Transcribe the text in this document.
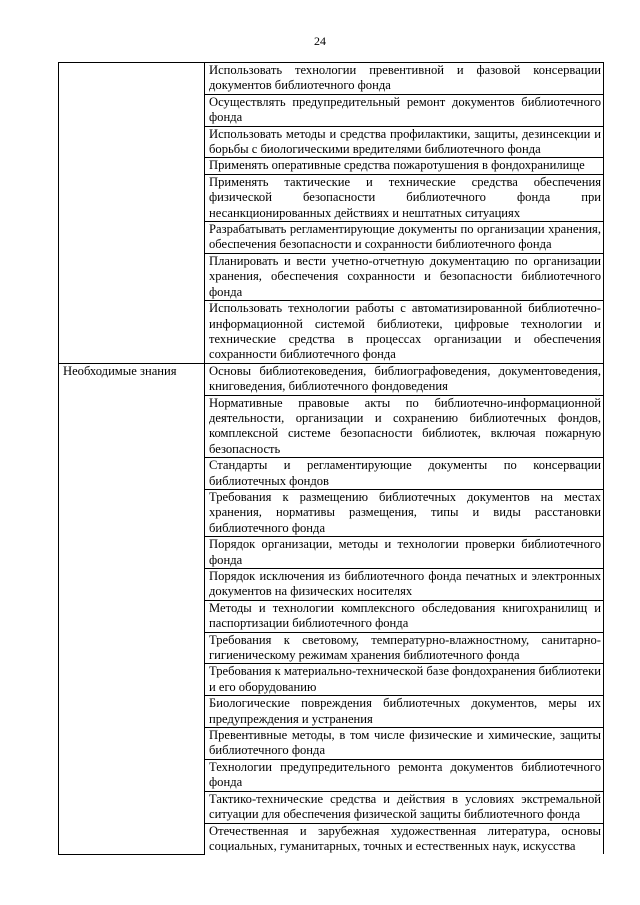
24
	Использовать технологии превентивной и фазовой консервации документов библиотечного фонда
	Осуществлять предупредительный ремонт документов библиотечного фонда
	Использовать методы и средства профилактики, защиты, дезинсекции и борьбы с биологическими вредителями библиотечного фонда
	Применять оперативные средства пожаротушения в фондохранилище
	Применять тактические и технические средства обеспечения физической безопасности библиотечного фонда при несанкционированных действиях и нештатных ситуациях
	Разрабатывать регламентирующие документы по организации хранения, обеспечения безопасности и сохранности библиотечного фонда
	Планировать и вести учетно-отчетную документацию по организации хранения, обеспечения сохранности и безопасности библиотечного фонда
	Использовать технологии работы с автоматизированной библиотечно-информационной системой библиотеки, цифровые технологии и технические средства в процессах организации и обеспечения сохранности библиотечного фонда
Необходимые знания	Основы библиотековедения, библиографоведения, документоведения, книговедения, библиотечного фондоведения
	Нормативные правовые акты по библиотечно-информационной деятельности, организации и сохранению библиотечных фондов, комплексной системе безопасности библиотек, включая пожарную безопасность
	Стандарты и регламентирующие документы по консервации библиотечных фондов
	Требования к размещению библиотечных документов на местах хранения, нормативы размещения, типы и виды расстановки библиотечного фонда
	Порядок организации, методы и технологии проверки библиотечного фонда
	Порядок исключения из библиотечного фонда печатных и электронных документов на физических носителях
	Методы и технологии комплексного обследования книгохранилищ и паспортизации библиотечного фонда
	Требования к световому, температурно-влажностному, санитарно-гигиеническому режимам хранения библиотечного фонда
	Требования к материально-технической базе фондохранения библиотеки и его оборудованию
	Биологические повреждения библиотечных документов, меры их предупреждения и устранения
	Превентивные методы, в том числе физические и химические, защиты библиотечного фонда
	Технологии предупредительного ремонта документов библиотечного фонда
	Тактико-технические средства и действия в условиях экстремальной ситуации для обеспечения физической защиты библиотечного фонда
	Отечественная и зарубежная художественная литература, основы социальных, гуманитарных, точных и естественных наук, искусства
